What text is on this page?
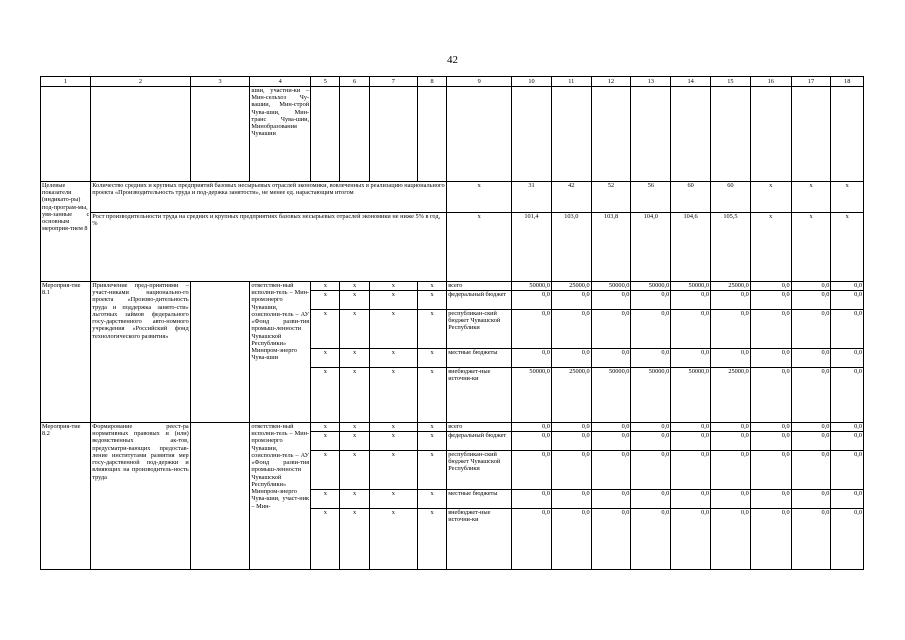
42
1	2	3	4	5	6	7	8	9	10	11	12	13	14	15	16	17	18
			шии, участни-ки – Мин-сельхоз Чу-вашии, Мин-строй Чува-шии, Мин-транс Чува-шии, Минобразования Чувашии														
Целевые показатели (индикато-ры) под-програм-мы, увя-занные с основным мероприя-тием 8	Количество средних и крупных предприятий базовых несырьевых отраслей экономики, вовлеченных в реализацию национального проекта «Производительность труда и под-держка занятости», не менее ед. нарастающим итогом							х	31	42	52	56	60	60	х	х	х
	Рост производительности труда на средних и крупных предприятиях базовых несырьевых отраслей экономики не ниже 5% в год, %							х	101,4	103,0	103,8	104,0	104,6	105,5	х	х	х
Мероприя-тие 8.1	Привлечение пред-приятиями – участ-никами национально-го проекта «Произво-дительность труда и поддержка занято-сти» льготных займов федерального госу-дарственного авто-номного учреждения «Российский фонд технологического развития»		ответствен-ный исполни-тель – Мин-промэнерго Чувашии, соисполни-тель – АУ «Фонд разви-тия промыш-ленности Чувашской Республики» Минпром-энерго Чува-шии	х	х	х	х	всего	50000,0	25000,0	50000,0	50000,0	50000,0	25000,0	0,0	0,0	0,0
				х	х	х	х	федеральный бюджет	0,0	0,0	0,0	0,0	0,0	0,0	0,0	0,0	0,0
				х	х	х	х	республикан-ский бюджет Чувашской Республики	0,0	0,0	0,0	0,0	0,0	0,0	0,0	0,0	0,0
				х	х	х	х	местные бюджеты	0,0	0,0	0,0	0,0	0,0	0,0	0,0	0,0	0,0
				х	х	х	х	внебюджет-ные источни-ки	50000,0	25000,0	50000,0	50000,0	50000,0	25000,0	0,0	0,0	0,0
Мероприя-тие 8.2	Формирование реест-ра нормативных правовых и (или) ведомственных ак-тов, предусматри-вающих предостав-ление институтами развития мер госу-дарственной под-держки и влияющих на производитель-ность труда		ответствен-ный исполни-тель – Мин-промэнерго Чувашии, соисполни-тель – АУ «Фонд разви-тия промыш-ленности Чувашской Республики» Минпром-энерго Чува-шии, участ-ник – Мин-	х	х	х	х	всего	0,0	0,0	0,0	0,0	0,0	0,0	0,0	0,0	0,0
				х	х	х	х	федеральный бюджет	0,0	0,0	0,0	0,0	0,0	0,0	0,0	0,0	0,0
				х	х	х	х	республикан-ский бюджет Чувашской Республики	0,0	0,0	0,0	0,0	0,0	0,0	0,0	0,0	0,0
				х	х	х	х	местные бюджеты	0,0	0,0	0,0	0,0	0,0	0,0	0,0	0,0	0,0
				х	х	х	х	внебюджет-ные источни-ки	0,0	0,0	0,0	0,0	0,0	0,0	0,0	0,0	0,0
